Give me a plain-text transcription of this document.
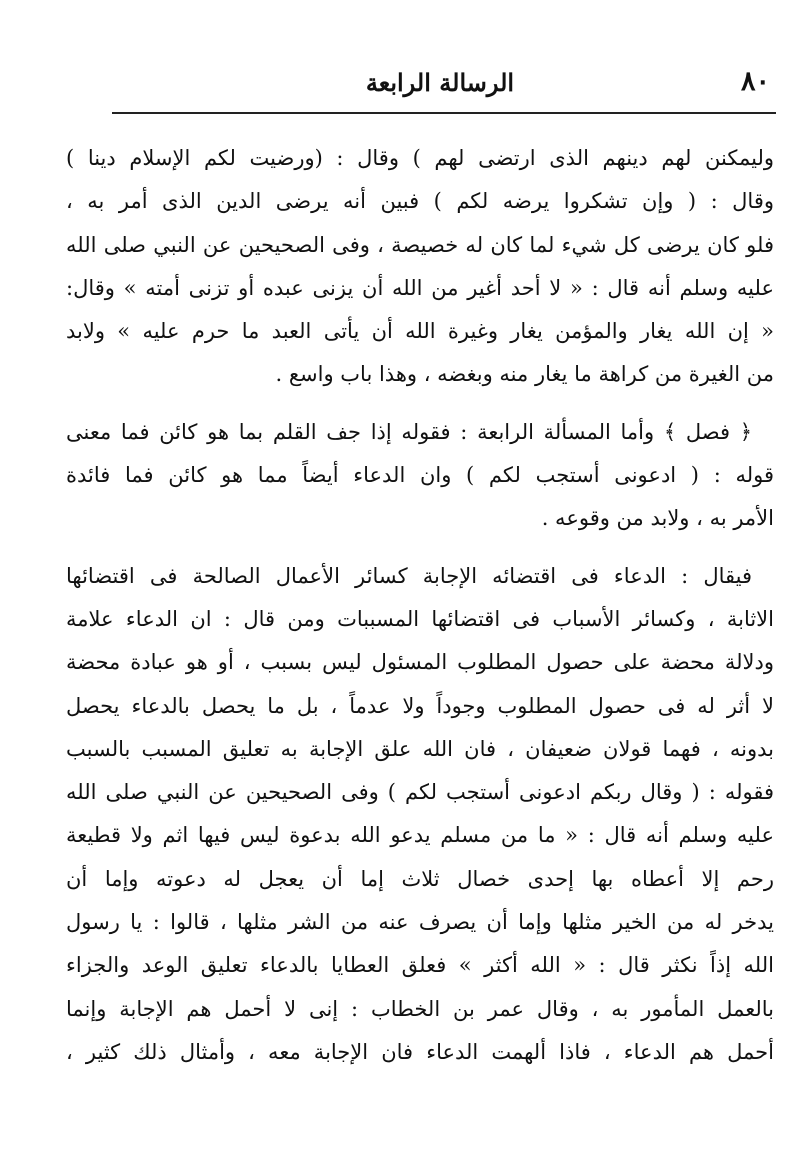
٨٠
الرسالة الرابعة
وليمكنن لهم دينهم الذى ارتضى لهم ) وقال : (ورضيت لكم الإسلام دينا )
وقال : ( وإن تشكروا يرضه لكم ) فبين أنه يرضى الدين الذى أمر به ،
فلو كان يرضى كل شيء لما كان له خصيصة ، وفى الصحيحين عن النبي صلى الله
عليه وسلم أنه قال : « لا أحد أغير من الله أن يزنى عبده أو تزنى أمته » وقال:
« إن الله يغار والمؤمن يغار وغيرة الله أن يأتى العبد ما حرم عليه » ولابد
من الغيرة من كراهة ما يغار منه وبغضه ، وهذا باب واسع .
﴿ فصل ﴾ وأما المسألة الرابعة : فقوله إذا جف القلم بما هو كائن فما معنى
قوله : ( ادعونى أستجب لكم ) وان الدعاء أيضاً مما هو كائن فما فائدة
الأمر به ، ولابد من وقوعه .
فيقال : الدعاء فى اقتضائه الإجابة كسائر الأعمال الصالحة فى اقتضائها
الاثابة ، وكسائر الأسباب فى اقتضائها المسببات ومن قال : ان الدعاء علامة
ودلالة محضة على حصول المطلوب المسئول ليس بسبب ، أو هو عبادة محضة
لا أثر له فى حصول المطلوب وجوداً ولا عدماً ، بل ما يحصل بالدعاء يحصل
بدونه ، فهما قولان ضعيفان ، فان الله علق الإجابة به تعليق المسبب بالسبب
فقوله : ( وقال ربكم ادعونى أستجب لكم ) وفى الصحيحين عن النبي صلى الله
عليه وسلم أنه قال : « ما من مسلم يدعو الله بدعوة ليس فيها اثم ولا قطيعة
رحم إلا أعطاه بها إحدى خصال ثلاث إما أن يعجل له دعوته وإما أن
يدخر له من الخير مثلها وإما أن يصرف عنه من الشر مثلها ، قالوا : يا رسول
الله إذاً نكثر قال : « الله أكثر » فعلق العطايا بالدعاء تعليق الوعد والجزاء
بالعمل المأمور به ، وقال عمر بن الخطاب : إنى لا أحمل هم الإجابة وإنما
أحمل هم الدعاء ، فاذا ألهمت الدعاء فان الإجابة معه ، وأمثال ذلك كثير ،
